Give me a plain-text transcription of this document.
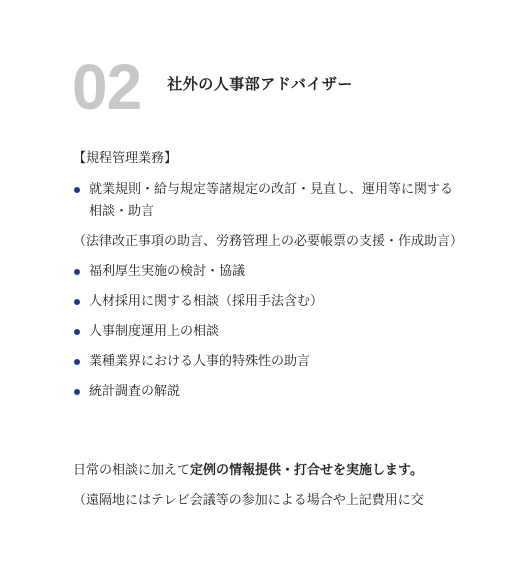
02 社外の人事部アドバイザー
【規程管理業務】
就業規則・給与規定等諸規定の改訂・見直し、運用等に関する相談・助言
（法律改正事項の助言、労務管理上の必要帳票の支援・作成助言）
福利厚生実施の検討・協議
人材採用に関する相談（採用手法含む）
人事制度運用上の相談
業種業界における人事的特殊性の助言
統計調査の解説
日常の相談に加えて定例の情報提供・打合せを実施します。
（遠隔地にはテレビ会議等の参加による場合や上記費用に交
